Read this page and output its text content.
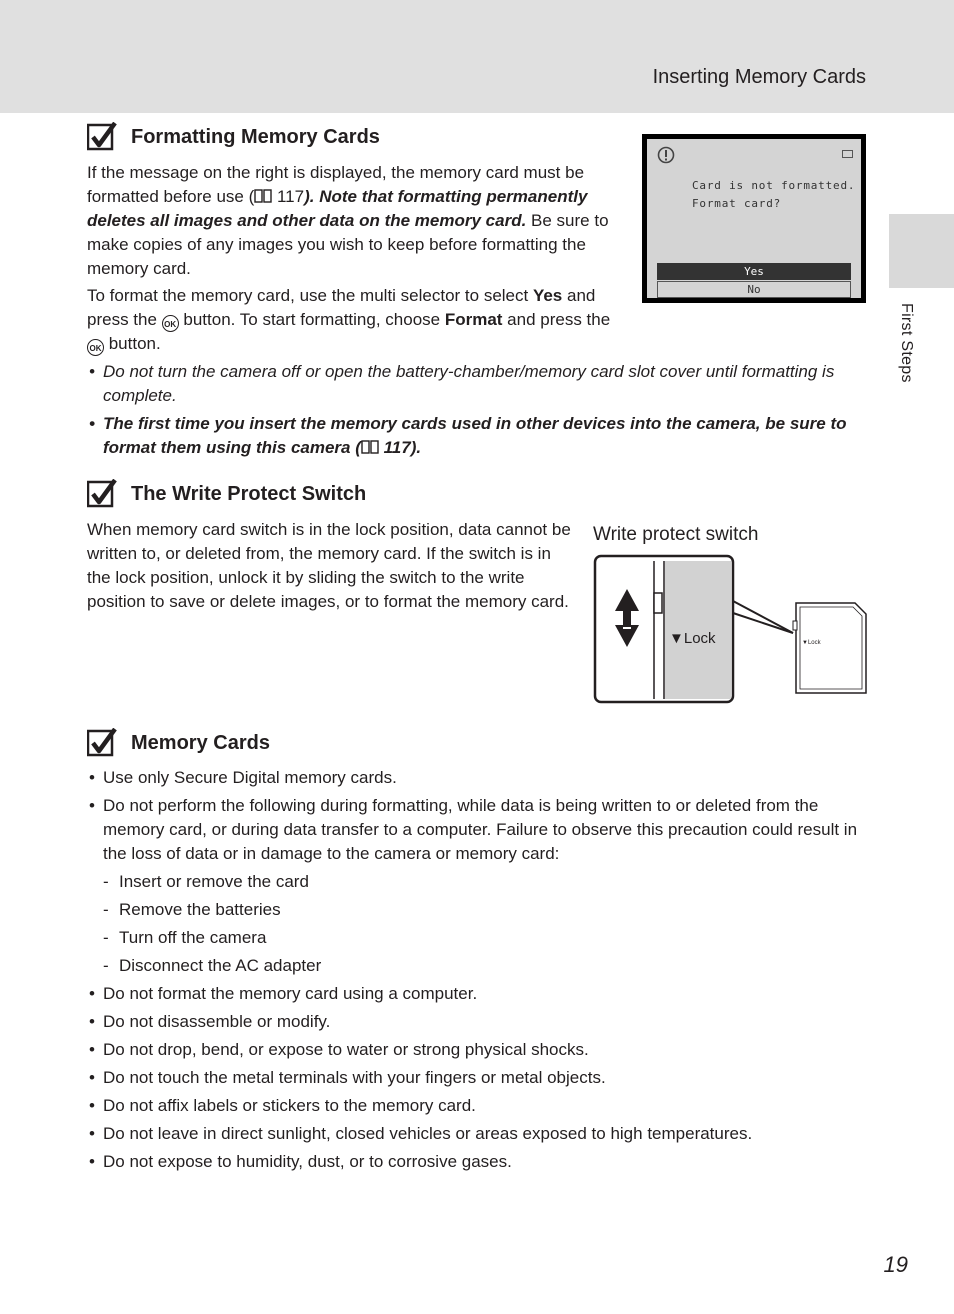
Inserting Memory Cards
First Steps
Formatting Memory Cards
If the message on the right is displayed, the memory card must be formatted before use ( 117). Note that formatting permanently deletes all images and other data on the memory card. Be sure to make copies of any images you wish to keep before formatting the memory card.
To format the memory card, use the multi selector to select Yes and press the OK button. To start formatting, choose Format and press the OK button.
• Do not turn the camera off or open the battery-chamber/memory card slot cover until formatting is complete.
• The first time you insert the memory cards used in other devices into the camera, be sure to format them using this camera ( 117).
Card is not formatted.
Format card?
Yes
No
The Write Protect Switch
When memory card switch is in the lock position, data cannot be written to, or deleted from, the memory card. If the switch is in the lock position, unlock it by sliding the switch to the write position to save or delete images, or to format the memory card.
Write protect switch
▼Lock	▼Lock
Memory Cards
• Use only Secure Digital memory cards.
• Do not perform the following during formatting, while data is being written to or deleted from the memory card, or during data transfer to a computer. Failure to observe this precaution could result in the loss of data or in damage to the camera or memory card:
- Insert or remove the card
- Remove the batteries
- Turn off the camera
- Disconnect the AC adapter
• Do not format the memory card using a computer.
• Do not disassemble or modify.
• Do not drop, bend, or expose to water or strong physical shocks.
• Do not touch the metal terminals with your fingers or metal objects.
• Do not affix labels or stickers to the memory card.
• Do not leave in direct sunlight, closed vehicles or areas exposed to high temperatures.
• Do not expose to humidity, dust, or to corrosive gases.
19
